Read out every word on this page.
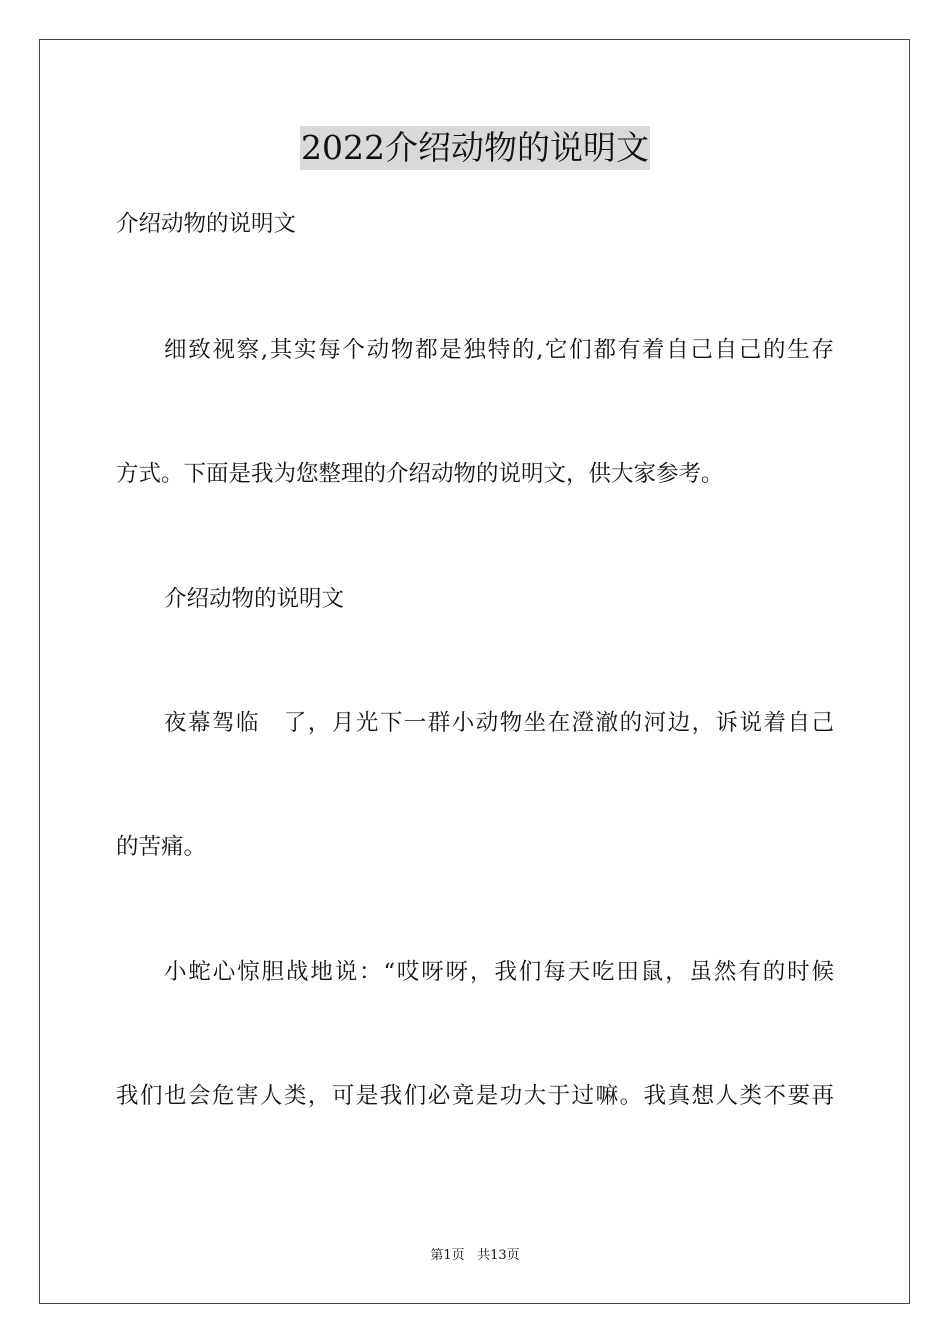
2022介绍动物的说明文
介绍动物的说明文
细致视察,其实每个动物都是独特的,它们都有着自己自己的生存
方式。下面是我为您整理的介绍动物的说明文，供大家参考。
介绍动物的说明文
夜幕驾临　了，月光下一群小动物坐在澄澈的河边，诉说着自己
的苦痛。
小蛇心惊胆战地说：“哎呀呀，我们每天吃田鼠，虽然有的时候
我们也会危害人类，可是我们必竟是功大于过嘛。我真想人类不要再
第1页 共13页
